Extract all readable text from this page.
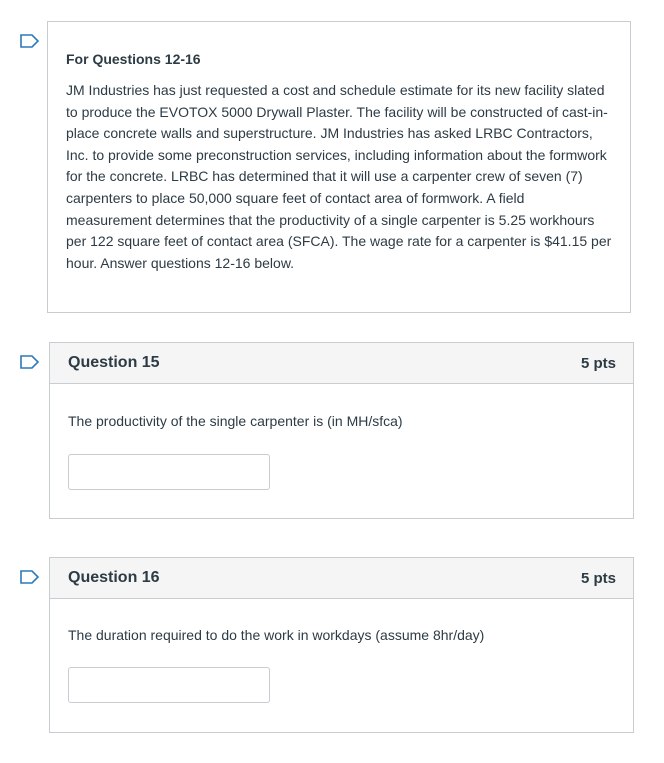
For Questions 12-16

JM Industries has just requested a cost and schedule estimate for its new facility slated to produce the EVOTOX 5000 Drywall Plaster. The facility will be constructed of cast-in-place concrete walls and superstructure. JM Industries has asked LRBC Contractors, Inc. to provide some preconstruction services, including information about the formwork for the concrete. LRBC has determined that it will use a carpenter crew of seven (7) carpenters to place 50,000 square feet of contact area of formwork. A field measurement determines that the productivity of a single carpenter is 5.25 workhours per 122 square feet of contact area (SFCA). The wage rate for a carpenter is $41.15 per hour. Answer questions 12-16 below.

Question 15	5 pts

The productivity of the single carpenter is (in MH/sfca)

Question 16	5 pts

The duration required to do the work in workdays (assume 8hr/day)
